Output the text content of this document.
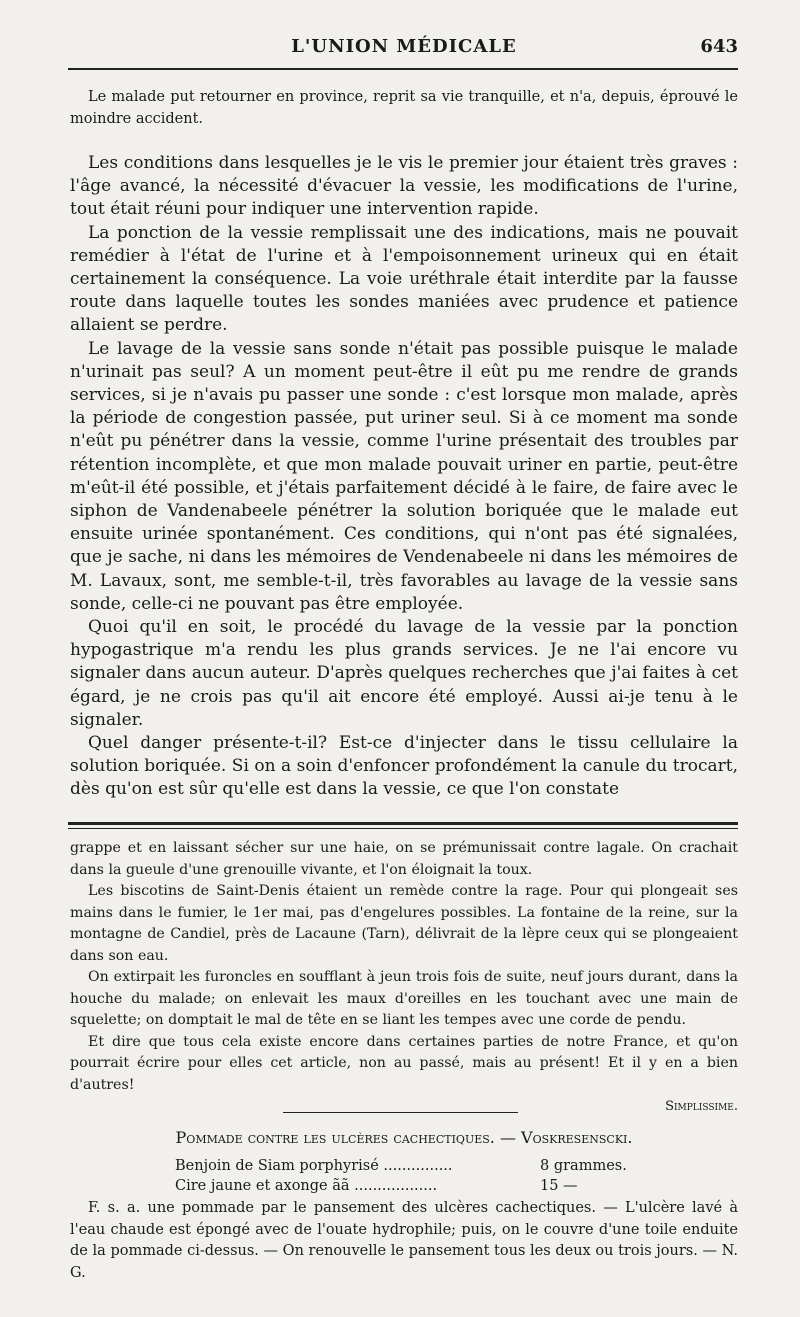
L'UNION MÉDICALE	643

Le malade put retourner en province, reprit sa vie tranquille, et n'a, depuis, éprouvé le moindre accident.

Les conditions dans lesquelles je le vis le premier jour étaient très graves : l'âge avancé, la nécessité d'évacuer la vessie, les modifications de l'urine, tout était réuni pour indiquer une intervention rapide.

La ponction de la vessie remplissait une des indications, mais ne pouvait remédier à l'état de l'urine et à l'empoisonnement urineux qui en était certainement la conséquence. La voie uréthrale était interdite par la fausse route dans laquelle toutes les sondes maniées avec prudence et patience allaient se perdre.

Le lavage de la vessie sans sonde n'était pas possible puisque le malade n'urinait pas seul? A un moment peut-être il eût pu me rendre de grands services, si je n'avais pu passer une sonde : c'est lorsque mon malade, après la période de congestion passée, put uriner seul. Si à ce moment ma sonde n'eût pu pénétrer dans la vessie, comme l'urine présentait des troubles par rétention incomplète, et que mon malade pouvait uriner en partie, peut-être m'eût-il été possible, et j'étais parfaitement décidé à le faire, de faire avec le siphon de Vandenabeele pénétrer la solution boriquée que le malade eut ensuite urinée spontanément. Ces conditions, qui n'ont pas été signalées, que je sache, ni dans les mémoires de Vendenabeele ni dans les mémoires de M. Lavaux, sont, me semble-t-il, très favorables au lavage de la vessie sans sonde, celle-ci ne pouvant pas être employée.

Quoi qu'il en soit, le procédé du lavage de la vessie par la ponction hypogastrique m'a rendu les plus grands services. Je ne l'ai encore vu signaler dans aucun auteur. D'après quelques recherches que j'ai faites à cet égard, je ne crois pas qu'il ait encore été employé. Aussi ai-je tenu à le signaler.

Quel danger présente-t-il? Est-ce d'injecter dans le tissu cellulaire la solution boriquée. Si on a soin d'enfoncer profondément la canule du trocart, dès qu'on est sûr qu'elle est dans la vessie, ce que l'on constate

grappe et en laissant sécher sur une haie, on se prémunissait contre lagale. On crachait dans la gueule d'une grenouille vivante, et l'on éloignait la toux.

Les biscotins de Saint-Denis étaient un remède contre la rage. Pour qui plongeait ses mains dans le fumier, le 1er mai, pas d'engelures possibles. La fontaine de la reine, sur la montagne de Candiel, près de Lacaune (Tarn), délivrait de la lèpre ceux qui se plongeaient dans son eau.

On extirpait les furoncles en soufflant à jeun trois fois de suite, neuf jours durant, dans la houche du malade; on enlevait les maux d'oreilles en les touchant avec une main de squelette; on domptait le mal de tête en se liant les tempes avec une corde de pendu.

Et dire que tous cela existe encore dans certaines parties de notre France, et qu'on pourrait écrire pour elles cet article, non au passé, mais au présent! Et il y en a bien d'autres!

Simplissime.
Pommade contre les ulcères cachectiques. — Voskresenscki.
Benjoin de Siam porphyrisé ...............	8 grammes.
Cire jaune et axonge ãã ..................	15 —

F. s. a. une pommade par le pansement des ulcères cachectiques. — L'ulcère lavé à l'eau chaude est épongé avec de l'ouate hydrophile; puis, on le couvre d'une toile enduite de la pommade ci-dessus. — On renouvelle le pansement tous les deux ou trois jours. — N. G.
